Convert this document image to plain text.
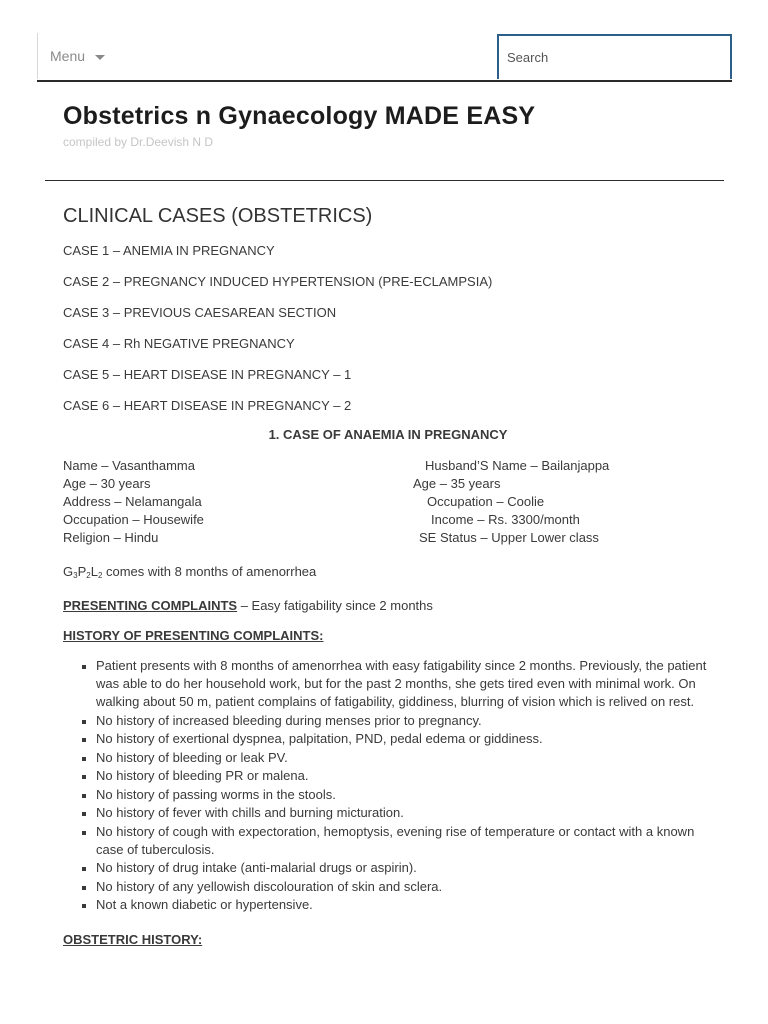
Menu
Search
Obstetrics n Gynaecology MADE EASY
compiled by Dr.Deevish N D
CLINICAL CASES (OBSTETRICS)
CASE 1 – ANEMIA IN PREGNANCY
CASE 2 – PREGNANCY INDUCED HYPERTENSION (PRE-ECLAMPSIA)
CASE 3 – PREVIOUS CAESAREAN SECTION
CASE 4 – Rh NEGATIVE PREGNANCY
CASE 5 – HEART DISEASE IN PREGNANCY – 1
CASE 6 – HEART DISEASE IN PREGNANCY – 2
1. CASE OF ANAEMIA IN PREGNANCY
Name – Vasanthamma
Age – 30 years
Address – Nelamangala
Occupation – Housewife
Religion – Hindu
Husband’S Name – Bailanjappa
Age – 35 years
Occupation – Coolie
Income – Rs. 3300/month
SE Status – Upper Lower class
$G_3P_2L_2$ comes with 8 months of amenorrhea
PRESENTING COMPLAINTS – Easy fatigability since 2 months
HISTORY OF PRESENTING COMPLAINTS:
Patient presents with 8 months of amenorrhea with easy fatigability since 2 months. Previously, the patient was able to do her household work, but for the past 2 months, she gets tired even with minimal work. On walking about 50 m, patient complains of fatigability, giddiness, blurring of vision which is relived on rest.
No history of increased bleeding during menses prior to pregnancy.
No history of exertional dyspnea, palpitation, PND, pedal edema or giddiness.
No history of bleeding or leak PV.
No history of bleeding PR or malena.
No history of passing worms in the stools.
No history of fever with chills and burning micturation.
No history of cough with expectoration, hemoptysis, evening rise of temperature or contact with a known case of tuberculosis.
No history of drug intake (anti-malarial drugs or aspirin).
No history of any yellowish discolouration of skin and sclera.
Not a known diabetic or hypertensive.
OBSTETRIC HISTORY:
